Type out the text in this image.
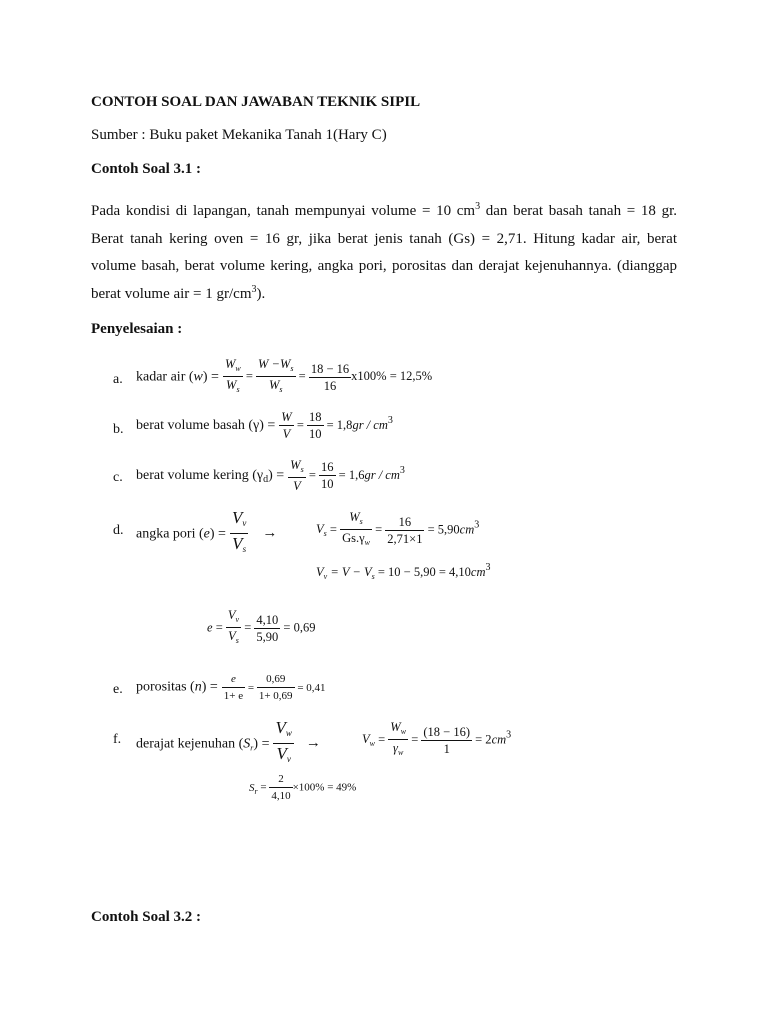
CONTOH SOAL DAN JAWABAN TEKNIK SIPIL
Sumber : Buku paket Mekanika Tanah 1(Hary C)
Contoh Soal 3.1 :

Pada kondisi di lapangan, tanah mempunyai volume = 10 $cm^3$ dan berat basah tanah = 18 gr. Berat tanah kering oven = 16 gr, jika berat jenis tanah (Gs) = 2,71. Hitung kadar air, berat volume basah, berat volume kering, angka pori, porositas dan derajat kejenuhannya. (dianggap berat volume air = 1 $gr/cm^3$).

Penyelesaian :
a. kadar air $(w) = \frac{W_w}{W_s} = \frac{W -W_s}{W_s} = \frac{18 - 16}{16} x100\% = 12,5\%$
b. berat volume basah $(\gamma) = \frac{W}{V} = \frac{18}{10} = 1,8gr / cm^3$
c. berat volume kering $(\gamma_d) = \frac{W_s}{V} = \frac{16}{10} = 1,6gr / cm^3$
d. angka pori $(e) = \frac{V_v}{V_s}$ →	$V_s = \frac{W_s}{Gs.\gamma_w} = \frac{16}{2,71\times 1} = 5,90cm^3$
$V_v = V - V_s = 10 - 5,90 = 4,10cm^3$
$e = \frac{V_v}{V_s} = \frac{4,10}{5,90} = 0,69$
e. porositas $(n) = \frac{e}{1+ e} = \frac{0,69}{1+ 0,69} = 0,41$
f. derajat kejenuhan $(S_r) = \frac{V_w}{V_v}$ →	$V_w = \frac{W_w}{\gamma_w} = \frac{(18 - 16)}{1} = 2cm^3$
$S_r = \frac{2}{4,10} \times 100\% = 49\%$
Contoh Soal 3.2 :
